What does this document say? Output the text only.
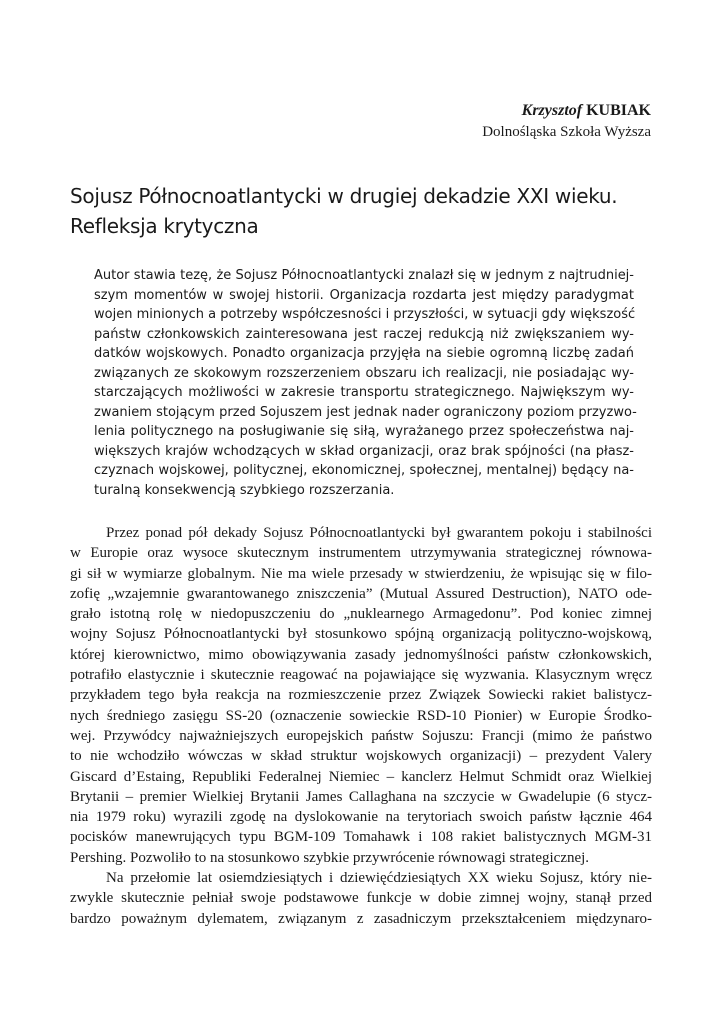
Krzysztof KUBIAK
Dolnośląska Szkoła Wyższa
Sojusz Północnoatlantycki w drugiej dekadzie XXI wieku.
Refleksja krytyczna
Autor stawia tezę, że Sojusz Północnoatlantycki znalazł się w jednym z najtrudniej-
szym momentów w swojej historii. Organizacja rozdarta jest między paradygmat
wojen minionych a potrzeby współczesności i przyszłości, w sytuacji gdy większość
państw członkowskich zainteresowana jest raczej redukcją niż zwiększaniem wy-
datków wojskowych. Ponadto organizacja przyjęła na siebie ogromną liczbę zadań
związanych ze skokowym rozszerzeniem obszaru ich realizacji, nie posiadając wy-
starczających możliwości w zakresie transportu strategicznego. Największym wy-
zwaniem stojącym przed Sojuszem jest jednak nader ograniczony poziom przyzwo-
lenia politycznego na posługiwanie się siłą, wyrażanego przez społeczeństwa naj-
większych krajów wchodzących w skład organizacji, oraz brak spójności (na płasz-
czyznach wojskowej, politycznej, ekonomicznej, społecznej, mentalnej) będący na-
turalną konsekwencją szybkiego rozszerzania.
Przez ponad pół dekady Sojusz Północnoatlantycki był gwarantem pokoju i stabilności
w Europie oraz wysoce skutecznym instrumentem utrzymywania strategicznej równowa-
gi sił w wymiarze globalnym. Nie ma wiele przesady w stwierdzeniu, że wpisując się w filo-
zofię „wzajemnie gwarantowanego zniszczenia” (Mutual Assured Destruction), NATO ode-
grało istotną rolę w niedopuszczeniu do „nuklearnego Armagedonu”. Pod koniec zimnej
wojny Sojusz Północnoatlantycki był stosunkowo spójną organizacją polityczno-wojskową,
której kierownictwo, mimo obowiązywania zasady jednomyślności państw członkowskich,
potrafiło elastycznie i skutecznie reagować na pojawiające się wyzwania. Klasycznym wręcz
przykładem tego była reakcja na rozmieszczenie przez Związek Sowiecki rakiet balistycz-
nych średniego zasięgu SS-20 (oznaczenie sowieckie RSD-10 Pionier) w Europie Środko-
wej. Przywódcy najważniejszych europejskich państw Sojuszu: Francji (mimo że państwo
to nie wchodziło wówczas w skład struktur wojskowych organizacji) – prezydent Valery
Giscard d’Estaing, Republiki Federalnej Niemiec – kanclerz Helmut Schmidt oraz Wielkiej
Brytanii – premier Wielkiej Brytanii James Callaghana na szczycie w Gwadelupie (6 stycz-
nia 1979 roku) wyrazili zgodę na dyslokowanie na terytoriach swoich państw łącznie 464
pocisków manewrujących typu BGM-109 Tomahawk i 108 rakiet balistycznych MGM-31
Pershing. Pozwoliło to na stosunkowo szybkie przywrócenie równowagi strategicznej.
Na przełomie lat osiemdziesiątych i dziewięćdziesiątych XX wieku Sojusz, który nie-
zwykle skutecznie pełniał swoje podstawowe funkcje w dobie zimnej wojny, stanął przed
bardzo poważnym dylematem, związanym z zasadniczym przekształceniem międzynaro-
